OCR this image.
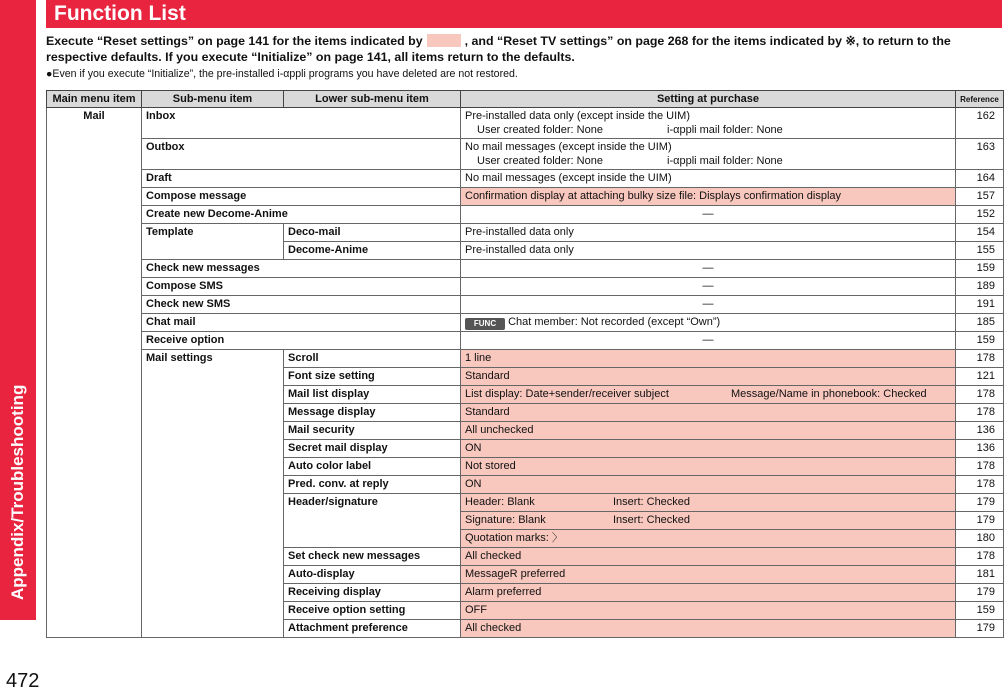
Appendix/Troubleshooting
Function List
Execute “Reset settings” on page 141 for the items indicated by	, and “Reset TV settings” on page 268 for the items indicated by ※, to return to the respective defaults. If you execute “Initialize” on page 141, all items return to the defaults.
●Even if you execute “Initialize”, the pre-installed i-αppli programs you have deleted are not restored.
Main menu item	Sub-menu item	Lower sub-menu item	Setting at purchase	Reference
Mail	Inbox		Pre-installed data only (except inside the UIM)
User created folder: None i-αppli mail folder: None	162
	Outbox		No mail messages (except inside the UIM)
User created folder: None i-αppli mail folder: None	163
	Draft		No mail messages (except inside the UIM)	164
	Compose message		Confirmation display at attaching bulky size file: Displays confirmation display	157
	Create new Decome-Anime		—	152
	Template	Deco-mail	Pre-installed data only	154
		Decome-Anime	Pre-installed data only	155
	Check new messages		—	159
	Compose SMS		—	189
	Check new SMS		—	191
	Chat mail		FUNC Chat member: Not recorded (except “Own”)	185
	Receive option		—	159
	Mail settings	Scroll	1 line	178
		Font size setting	Standard	121
		Mail list display	List display: Date+sender/receiver subject Message/Name in phonebook: Checked	178
		Message display	Standard	178
		Mail security	All unchecked	136
		Secret mail display	ON	136
		Auto color label	Not stored	178
		Pred. conv. at reply	ON	178
		Header/signature	Header: Blank Insert: Checked	179
			Signature: Blank Insert: Checked	179
			Quotation marks: 〉	180
		Set check new messages	All checked	178
		Auto-display	MessageR preferred	181
		Receiving display	Alarm preferred	179
		Receive option setting	OFF	159
		Attachment preference	All checked	179
472
